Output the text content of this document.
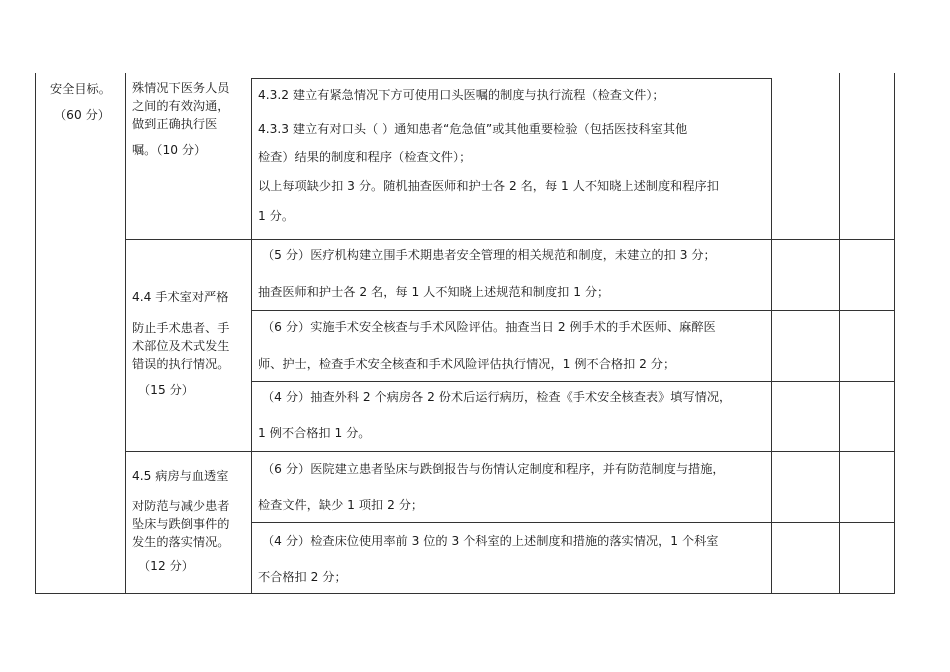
安全目标。
（60 分）
殊情况下医务人员
之间的有效沟通，
做到正确执行医
嘱。（10 分）
4.4 手术室对严格
防止手术患者、手
术部位及术式发生
错误的执行情况。
（15 分）
4.5 病房与血透室
对防范与减少患者
坠床与跌倒事件的
发生的落实情况。
（12 分）
4.3.2 建立有紧急情况下方可使用口头医嘱的制度与执行流程（检查文件）；
4.3.3 建立有对口头（ ）通知患者“危急值”或其他重要检验（包括医技科室其他
检查）结果的制度和程序（检查文件）；
以上每项缺少扣 3 分。随机抽查医师和护士各 2 名，每 1 人不知晓上述制度和程序扣
1 分。
（5 分）医疗机构建立围手术期患者安全管理的相关规范和制度，未建立的扣 3 分；
抽查医师和护士各 2 名，每 1 人不知晓上述规范和制度扣 1 分；
（6 分）实施手术安全核查与手术风险评估。抽查当日 2 例手术的手术医师、麻醉医
师、护士，检查手术安全核查和手术风险评估执行情况，1 例不合格扣 2 分；
（4 分）抽查外科 2 个病房各 2 份术后运行病历，检查《手术安全核查表》填写情况，
1 例不合格扣 1 分。
（6 分）医院建立患者坠床与跌倒报告与伤情认定制度和程序，并有防范制度与措施，
检查文件，缺少 1 项扣 2 分；
（4 分）检查床位使用率前 3 位的 3 个科室的上述制度和措施的落实情况，1 个科室
不合格扣 2 分；
